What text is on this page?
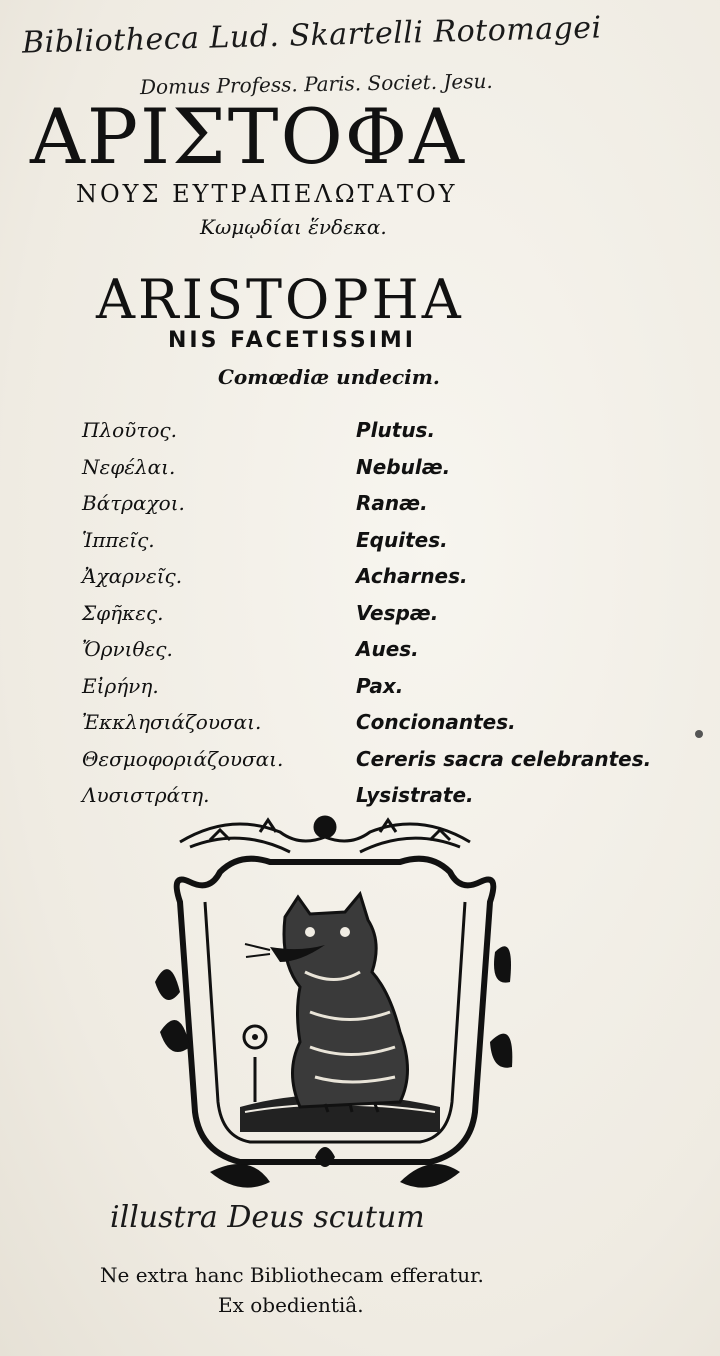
Bibliotheca Lud. Skartelli Rotomagei
Domus Profess. Paris. Societ. Jesu.
ΑΡΙΣΤΟΦΑ
ΝΟΥΣ ΕΥΤΡΑΠΕΛΩΤΑΤΟΥ
Κωμῳδίαι ἕνδεκα.
ARISTOPHA
NIS FACETISSIMI
Comœdiæ undecim.
Πλοῦτος.	Plutus.
Νεφέλαι.	Nebulæ.
Βάτραχοι.	Ranæ.
Ἱππεῖς.	Equites.
Ἀχαρνεῖς.	Acharnes.
Σφῆκες.	Vespæ.
Ὄρνιθες.	Aues.
Εἰρήνη.	Pax.
Ἐκκλησιάζουσαι.	Concionantes.
Θεσμοφοριάζουσαι.	Cereris sacra celebrantes.
Λυσιστράτη.	Lysistrate.
illustra Deus scutum
Ne extra hanc Bibliothecam efferatur.
Ex obedientiâ.
